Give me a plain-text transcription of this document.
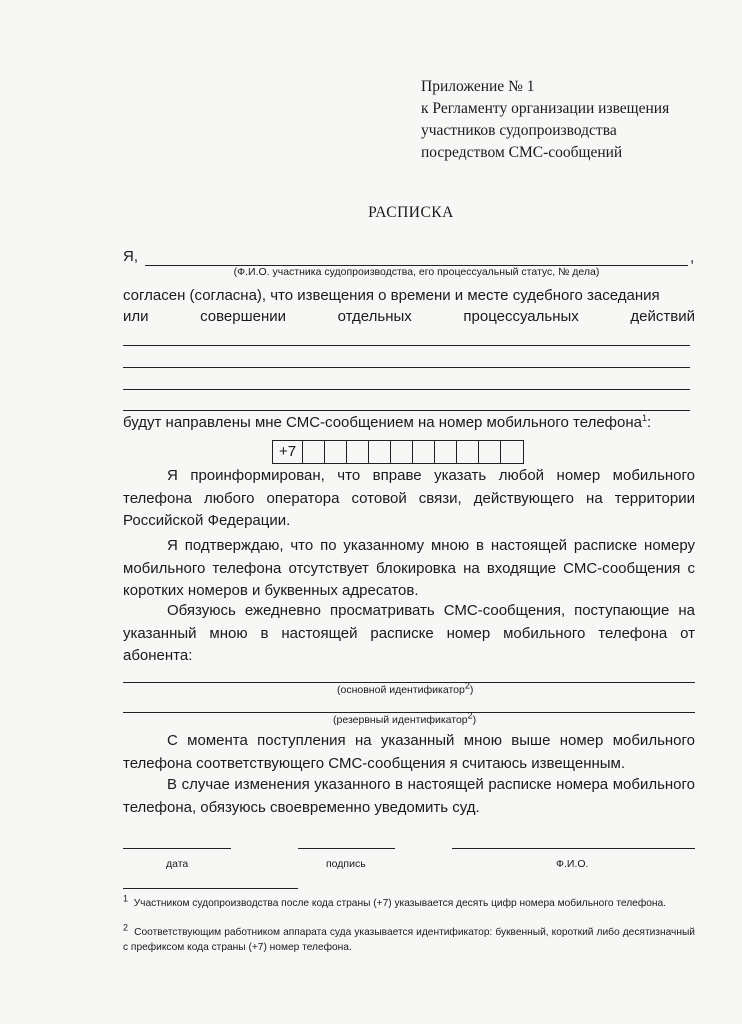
Приложение № 1
к Регламенту организации извещения
участников судопроизводства
посредством СМС-сообщений
РАСПИСКА
Я,	,
(Ф.И.О. участника судопроизводства, его процессуальный статус, № дела)
согласен (согласна), что извещения о времени и месте судебного заседания
или	совершении	отдельных	процессуальных	действий
будут направлены мне СМС-сообщением на номер мобильного телефона$^1$:
+7
Я проинформирован, что вправе указать любой номер мобильного телефона любого оператора сотовой связи, действующего на территории Российской Федерации.
Я подтверждаю, что по указанному мною в настоящей расписке номеру мобильного телефона отсутствует блокировка на входящие СМС-сообщения с коротких номеров и буквенных адресатов.
Обязуюсь ежедневно просматривать СМС-сообщения, поступающие на указанный мною в настоящей расписке номер мобильного телефона от абонента:
(основной идентификатор2)
(резервный идентификатор2)
С момента поступления на указанный мною выше номер мобильного телефона соответствующего СМС-сообщения я считаюсь извещенным.
В случае изменения указанного в настоящей расписке номера мобильного телефона, обязуюсь своевременно уведомить суд.
дата	подпись	Ф.И.О.
1 Участником судопроизводства после кода страны (+7) указывается десять цифр номера мобильного телефона.
2 Соответствующим работником аппарата суда указывается идентификатор: буквенный, короткий либо десятизначный с префиксом кода страны (+7) номер телефона.
